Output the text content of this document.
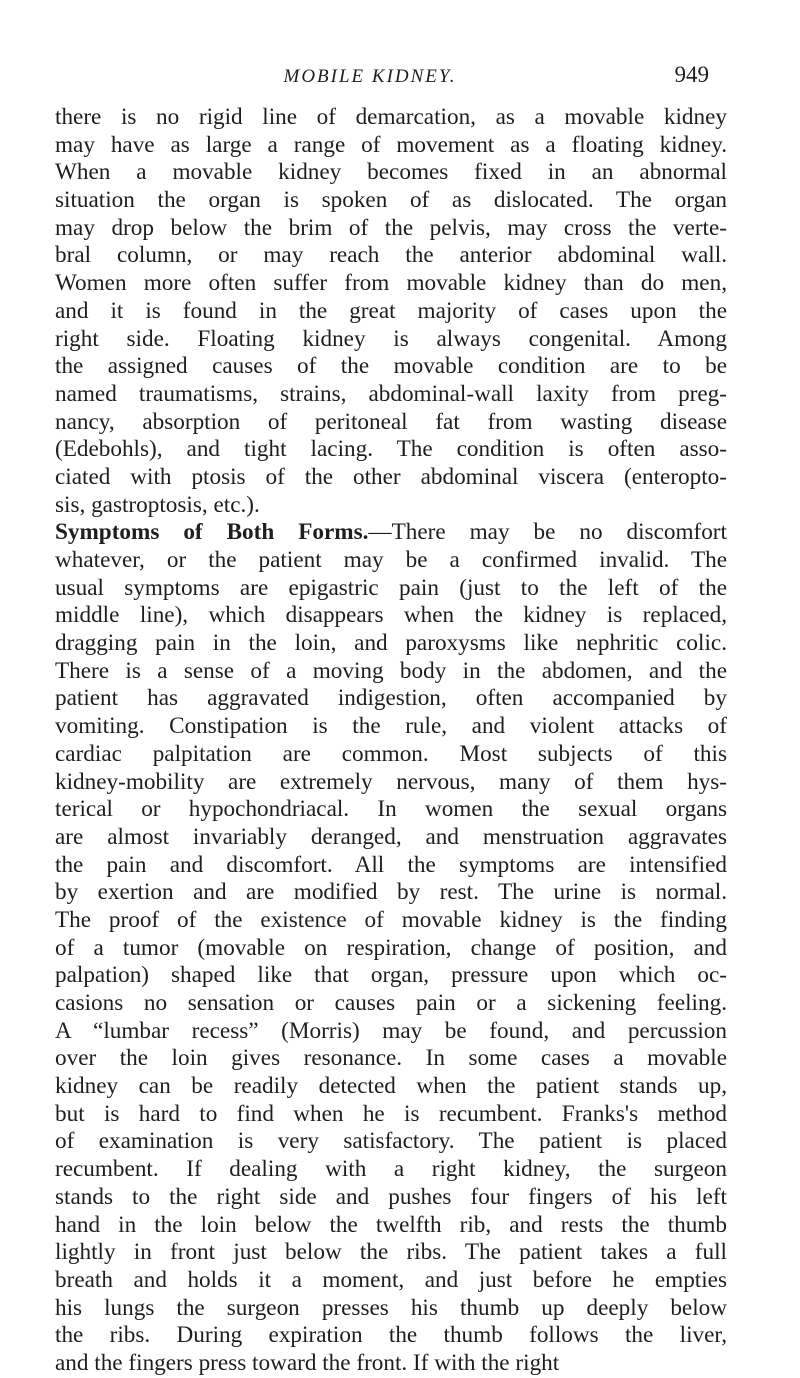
MOBILE KIDNEY.	949
there is no rigid line of demarcation, as a movable kidney
may have as large a range of movement as a floating kidney.
When a movable kidney becomes fixed in an abnormal
situation the organ is spoken of as dislocated. The organ
may drop below the brim of the pelvis, may cross the verte-
bral column, or may reach the anterior abdominal wall.
Women more often suffer from movable kidney than do men,
and it is found in the great majority of cases upon the
right side. Floating kidney is always congenital. Among
the assigned causes of the movable condition are to be
named traumatisms, strains, abdominal-wall laxity from preg-
nancy, absorption of peritoneal fat from wasting disease
(Edebohls), and tight lacing. The condition is often asso-
ciated with ptosis of the other abdominal viscera (enteropto-
sis, gastroptosis, etc.).
Symptoms of Both Forms.—There may be no discomfort
whatever, or the patient may be a confirmed invalid. The
usual symptoms are epigastric pain (just to the left of the
middle line), which disappears when the kidney is replaced,
dragging pain in the loin, and paroxysms like nephritic colic.
There is a sense of a moving body in the abdomen, and the
patient has aggravated indigestion, often accompanied by
vomiting. Constipation is the rule, and violent attacks of
cardiac palpitation are common. Most subjects of this
kidney-mobility are extremely nervous, many of them hys-
terical or hypochondriacal. In women the sexual organs
are almost invariably deranged, and menstruation aggravates
the pain and discomfort. All the symptoms are intensified
by exertion and are modified by rest. The urine is normal.
The proof of the existence of movable kidney is the finding
of a tumor (movable on respiration, change of position, and
palpation) shaped like that organ, pressure upon which oc-
casions no sensation or causes pain or a sickening feeling.
A “lumbar recess” (Morris) may be found, and percussion
over the loin gives resonance. In some cases a movable
kidney can be readily detected when the patient stands up,
but is hard to find when he is recumbent. Franks's method
of examination is very satisfactory. The patient is placed
recumbent. If dealing with a right kidney, the surgeon
stands to the right side and pushes four fingers of his left
hand in the loin below the twelfth rib, and rests the thumb
lightly in front just below the ribs. The patient takes a full
breath and holds it a moment, and just before he empties
his lungs the surgeon presses his thumb up deeply below
the ribs. During expiration the thumb follows the liver,
and the fingers press toward the front. If with the right
